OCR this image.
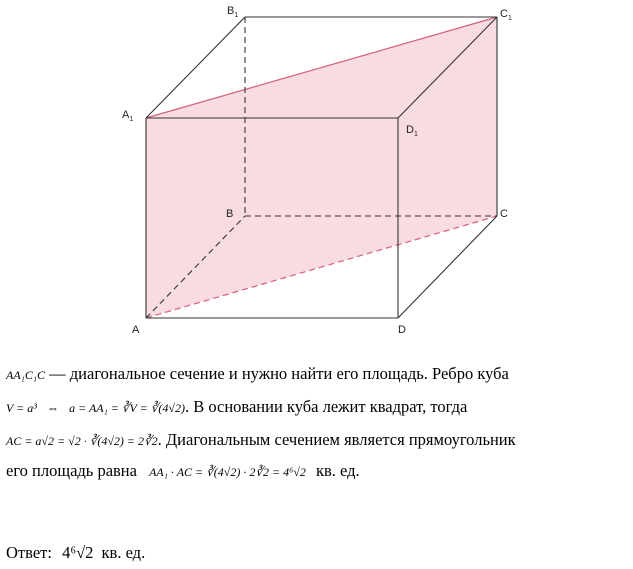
$B_1$	$C_1$
$A_1$
$D_1$
B	C
A	D
AA₁C₁C — диагональное сечение и нужно найти его площадь. Ребро куба
V = a³ ⇔ a = AA₁ = ∛V = ∛(4√2). В основании куба лежит квадрат, тогда
AC = a√2 = √2 · ∛(4√2) = 2∛2. Диагональным сечением является прямоугольник
его площадь равна AA₁ · AC = ∛(4√2) · 2∛2 = 4⁶√2 кв. ед.
Ответ: 4⁶√2 кв. ед.
